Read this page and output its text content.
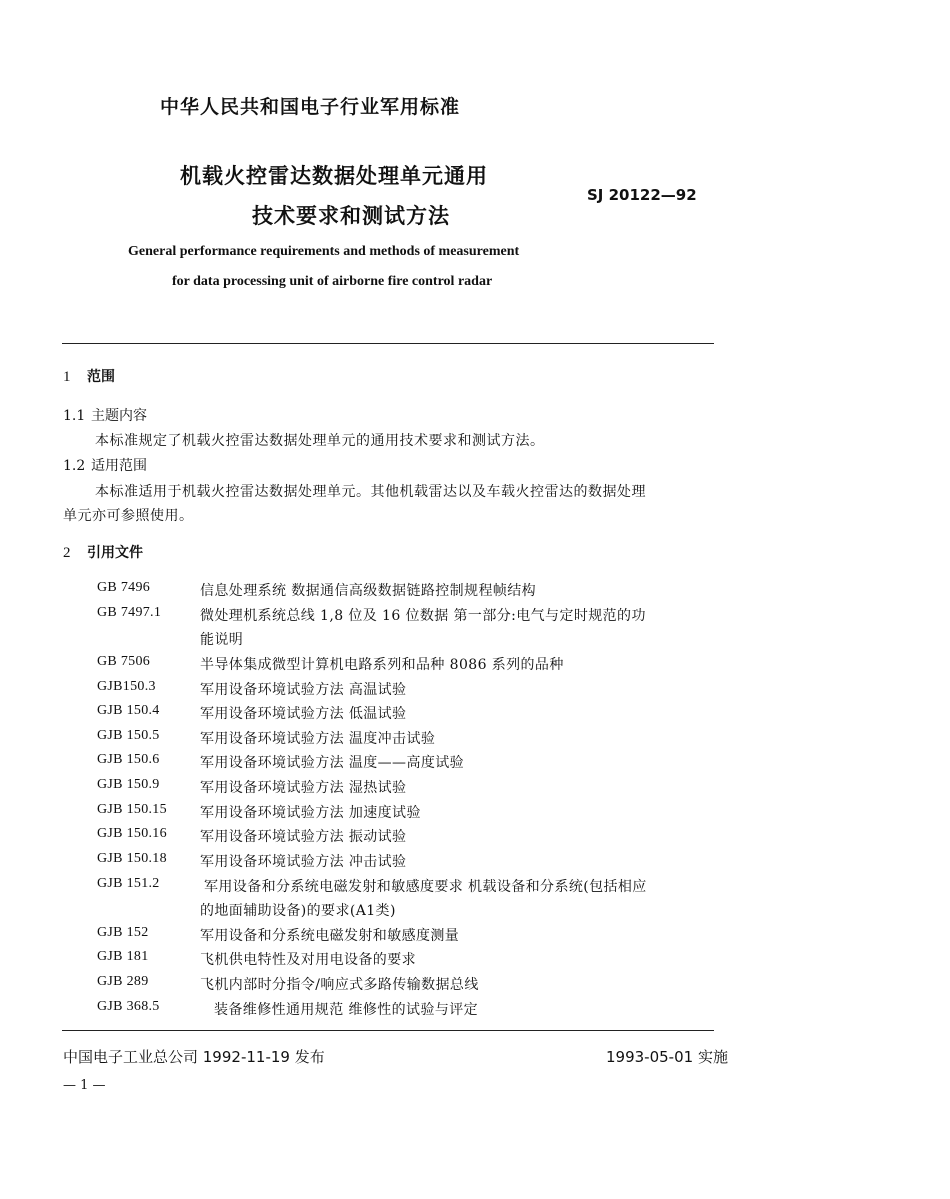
中华人民共和国电子行业军用标准
机载火控雷达数据处理单元通用
技术要求和测试方法
SJ 20122—92
General performance requirements and methods of measurement
for data processing unit of airborne fire control radar
1 范围
1.1 主题内容
本标准规定了机载火控雷达数据处理单元的通用技术要求和测试方法。
1.2 适用范围
本标准适用于机载火控雷达数据处理单元。其他机载雷达以及车载火控雷达的数据处理
单元亦可参照使用。
2 引用文件
GB 7496	信息处理系统 数据通信高级数据链路控制规程帧结构
GB 7497.1	微处理机系统总线 1,8 位及 16 位数据 第一部分:电气与定时规范的功
能说明
GB 7506	半导体集成微型计算机电路系列和品种 8086 系列的品种
GJB150.3	军用设备环境试验方法 高温试验
GJB 150.4	军用设备环境试验方法 低温试验
GJB 150.5	军用设备环境试验方法 温度冲击试验
GJB 150.6	军用设备环境试验方法 温度——高度试验
GJB 150.9	军用设备环境试验方法 湿热试验
GJB 150.15 军用设备环境试验方法 加速度试验
GJB 150.16 军用设备环境试验方法 振动试验
GJB 150.18 军用设备环境试验方法 冲击试验
GJB 151.2	军用设备和分系统电磁发射和敏感度要求 机载设备和分系统(包括相应
的地面辅助设备)的要求(A1类)
GJB 152	军用设备和分系统电磁发射和敏感度测量
GJB 181	飞机供电特性及对用电设备的要求
GJB 289	飞机内部时分指令/响应式多路传输数据总线
GJB 368.5	装备维修性通用规范 维修性的试验与评定
中国电子工业总公司 1992-11-19 发布	1993-05-01 实施
— 1 —
